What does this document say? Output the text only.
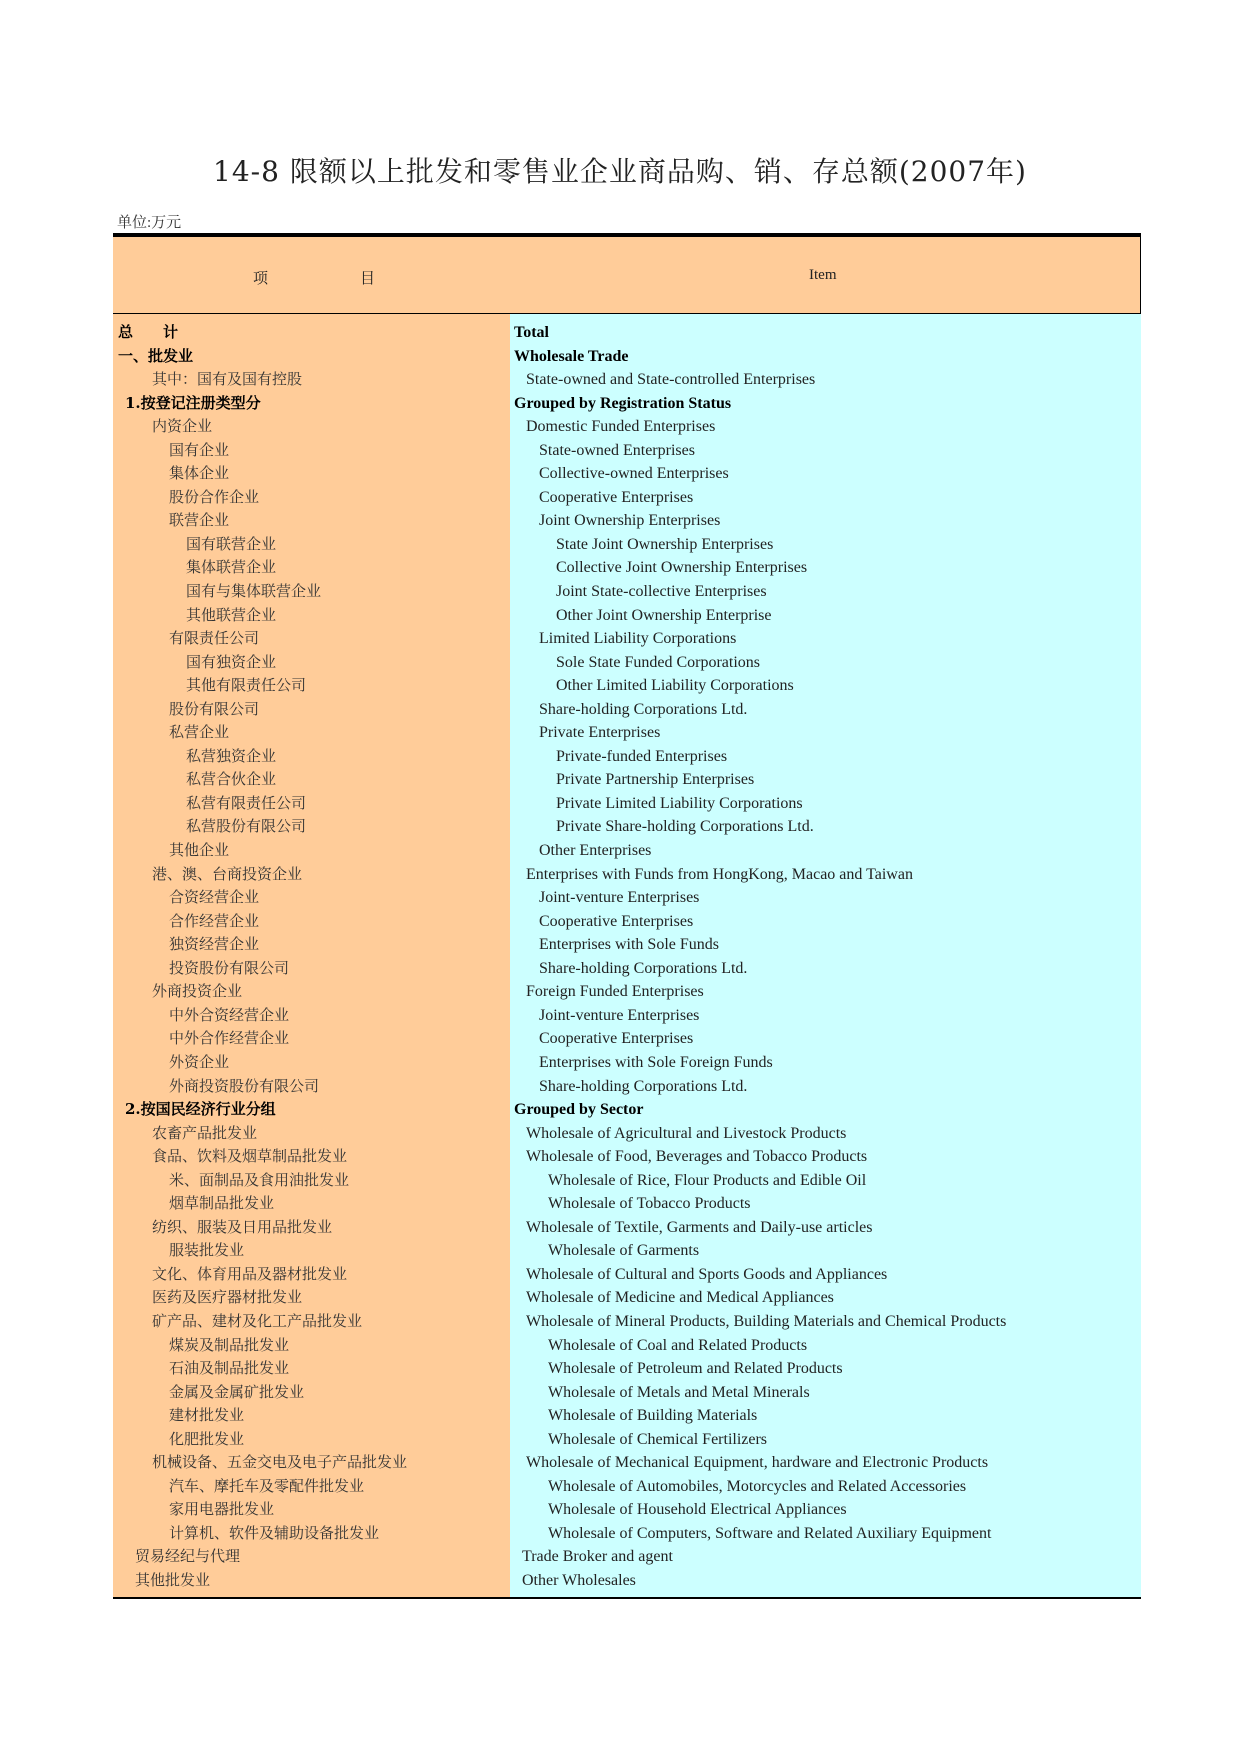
14-8 限额以上批发和零售业企业商品购、销、存总额(2007年)
单位:万元
项	目	Item
总　　计
一、批发业
其中：国有及国有控股
1.按登记注册类型分
内资企业
国有企业
集体企业
股份合作企业
联营企业
国有联营企业
集体联营企业
国有与集体联营企业
其他联营企业
有限责任公司
国有独资企业
其他有限责任公司
股份有限公司
私营企业
私营独资企业
私营合伙企业
私营有限责任公司
私营股份有限公司
其他企业
港、澳、台商投资企业
合资经营企业
合作经营企业
独资经营企业
投资股份有限公司
外商投资企业
中外合资经营企业
中外合作经营企业
外资企业
外商投资股份有限公司
2.按国民经济行业分组
农畜产品批发业
食品、饮料及烟草制品批发业
米、面制品及食用油批发业
烟草制品批发业
纺织、服装及日用品批发业
服装批发业
文化、体育用品及器材批发业
医药及医疗器材批发业
矿产品、建材及化工产品批发业
煤炭及制品批发业
石油及制品批发业
金属及金属矿批发业
建材批发业
化肥批发业
机械设备、五金交电及电子产品批发业
汽车、摩托车及零配件批发业
家用电器批发业
计算机、软件及辅助设备批发业
贸易经纪与代理
其他批发业
Total
Wholesale Trade
State-owned and State-controlled Enterprises
Grouped by Registration Status
Domestic Funded Enterprises
State-owned Enterprises
Collective-owned Enterprises
Cooperative Enterprises
Joint Ownership Enterprises
State Joint Ownership Enterprises
Collective Joint Ownership Enterprises
Joint State-collective Enterprises
Other Joint Ownership Enterprise
Limited Liability Corporations
Sole State Funded Corporations
Other Limited Liability Corporations
Share-holding Corporations Ltd.
Private Enterprises
Private-funded Enterprises
Private Partnership Enterprises
Private Limited Liability Corporations
Private Share-holding Corporations Ltd.
Other Enterprises
Enterprises with Funds from HongKong, Macao and Taiwan
Joint-venture Enterprises
Cooperative Enterprises
Enterprises with Sole Funds
Share-holding Corporations Ltd.
Foreign Funded Enterprises
Joint-venture Enterprises
Cooperative Enterprises
Enterprises with Sole Foreign Funds
Share-holding Corporations Ltd.
Grouped by Sector
Wholesale of Agricultural and Livestock Products
Wholesale of Food, Beverages and Tobacco Products
Wholesale of Rice, Flour Products and Edible Oil
Wholesale of Tobacco Products
Wholesale of Textile, Garments and Daily-use articles
Wholesale of Garments
Wholesale of Cultural and Sports Goods and Appliances
Wholesale of Medicine and Medical Appliances
Wholesale of Mineral Products, Building Materials and Chemical Products
Wholesale of Coal and Related Products
Wholesale of Petroleum and Related Products
Wholesale of Metals and Metal Minerals
Wholesale of Building Materials
Wholesale of Chemical Fertilizers
Wholesale of Mechanical Equipment, hardware and Electronic Products
Wholesale of Automobiles, Motorcycles and Related Accessories
Wholesale of Household Electrical Appliances
Wholesale of Computers, Software and Related Auxiliary Equipment
Trade Broker and agent
Other Wholesales
